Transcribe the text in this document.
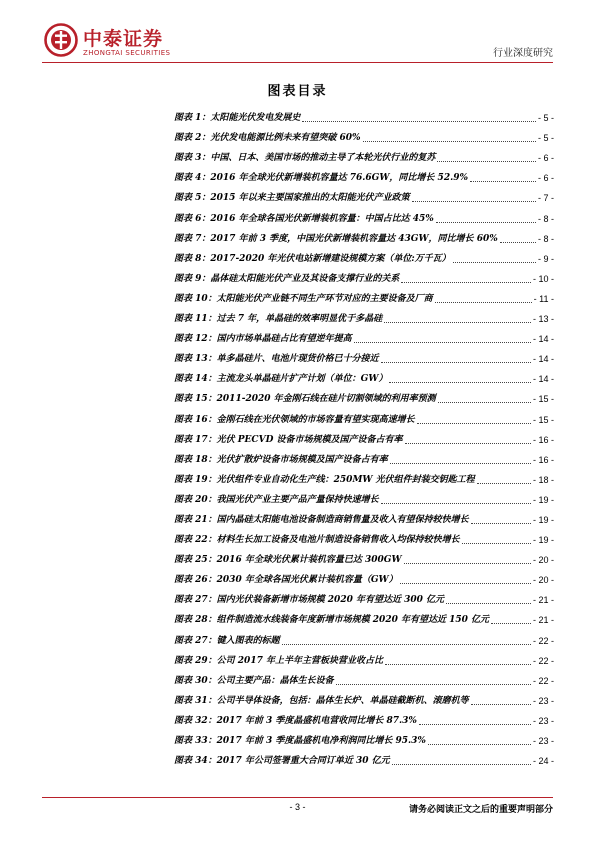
中泰证券
ZHONGTAI SECURITIES	行业深度研究
图表目录
图表 1：太阳能光伏发电发展史	- 5 -
图表 2：光伏发电能源比例未来有望突破 60%	- 5 -
图表 3：中国、日本、美国市场的推动主导了本轮光伏行业的复苏	- 6 -
图表 4：2016 年全球光伏新增装机容量达 76.6GW，同比增长 52.9%	- 6 -
图表 5：2015 年以来主要国家推出的太阳能光伏产业政策	- 7 -
图表 6：2016 年全球各国光伏新增装机容量：中国占比达 45%	- 8 -
图表 7：2017 年前 3 季度，中国光伏新增装机容量达 43GW，同比增长 60%	- 8 -
图表 8：2017-2020 年光伏电站新增建设规模方案（单位:万千瓦）	- 9 -
图表 9：晶体硅太阳能光伏产业及其设备支撑行业的关系	- 10 -
图表 10：太阳能光伏产业链不同生产环节对应的主要设备及厂商	- 11 -
图表 11：过去 7 年，单晶硅的效率明显优于多晶硅	- 13 -
图表 12：国内市场单晶硅占比有望逆年提高	- 14 -
图表 13：单多晶硅片、电池片现货价格已十分接近	- 14 -
图表 14：主流龙头单晶硅片扩产计划（单位：GW）	- 14 -
图表 15：2011-2020 年金刚石线在硅片切割领域的利用率预测	- 15 -
图表 16：金刚石线在光伏领域的市场容量有望实现高速增长	- 15 -
图表 17：光伏 PECVD 设备市场规模及国产设备占有率	- 16 -
图表 18：光伏扩散炉设备市场规模及国产设备占有率	- 16 -
图表 19：光伏组件专业自动化生产线：250MW 光伏组件封装交钥匙工程	- 18 -
图表 20：我国光伏产业主要产品产量保持快速增长	- 19 -
图表 21：国内晶硅太阳能电池设备制造商销售量及收入有望保持较快增长	- 19 -
图表 22：材料生长加工设备及电池片制造设备销售收入均保持较快增长	- 19 -
图表 25：2016 年全球光伏累计装机容量已达 300GW	- 20 -
图表 26：2030 年全球各国光伏累计装机容量（GW）	- 20 -
图表 27：国内光伏装备新增市场规模 2020 年有望达近 300 亿元	- 21 -
图表 28：组件制造流水线装备年度新增市场规模 2020 年有望达近 150 亿元	- 21 -
图表 27：键入图表的标题	- 22 -
图表 29：公司 2017 年上半年主营板块营业收占比	- 22 -
图表 30：公司主要产品：晶体生长设备	- 22 -
图表 31：公司半导体设备，包括：晶体生长炉、单晶硅截断机、滚磨机等	- 23 -
图表 32：2017 年前 3 季度晶盛机电营收同比增长 87.3%	- 23 -
图表 33：2017 年前 3 季度晶盛机电净利润同比增长 95.3%	- 23 -
图表 34：2017 年公司签署重大合同订单近 30 亿元	- 24 -
- 3 -	请务必阅读正文之后的重要声明部分
